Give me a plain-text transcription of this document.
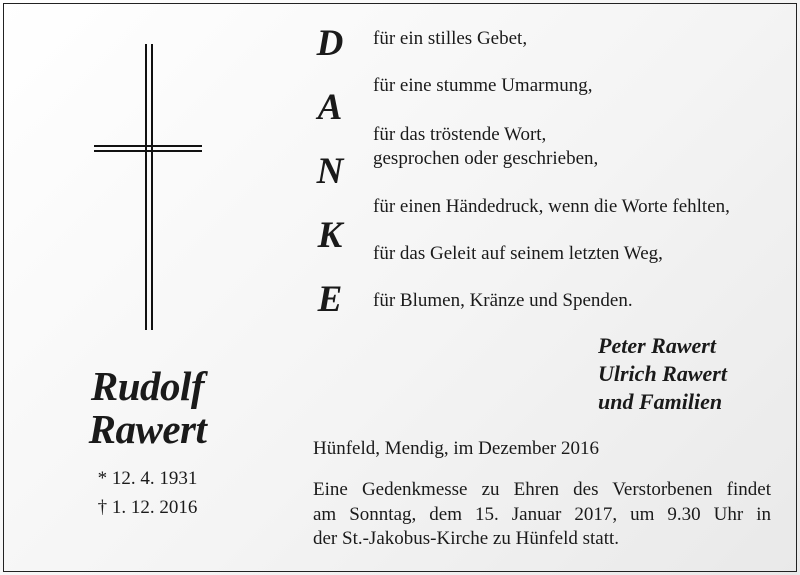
Rudolf
Rawert
* 12. 4. 1931
† 1. 12. 2016
D
A
N
K
E
für ein stilles Gebet,
für eine stumme Umarmung,
für das tröstende Wort,
gesprochen oder geschrieben,
für einen Händedruck, wenn die Worte fehlten,
für das Geleit auf seinem letzten Weg,
für Blumen, Kränze und Spenden.
Peter Rawert
Ulrich Rawert
und Familien
Hünfeld, Mendig, im Dezember 2016
Eine Gedenkmesse zu Ehren des Verstorbenen findet
am Sonntag, dem 15. Januar 2017, um 9.30 Uhr in
der St.-Jakobus-Kirche zu Hünfeld statt.
